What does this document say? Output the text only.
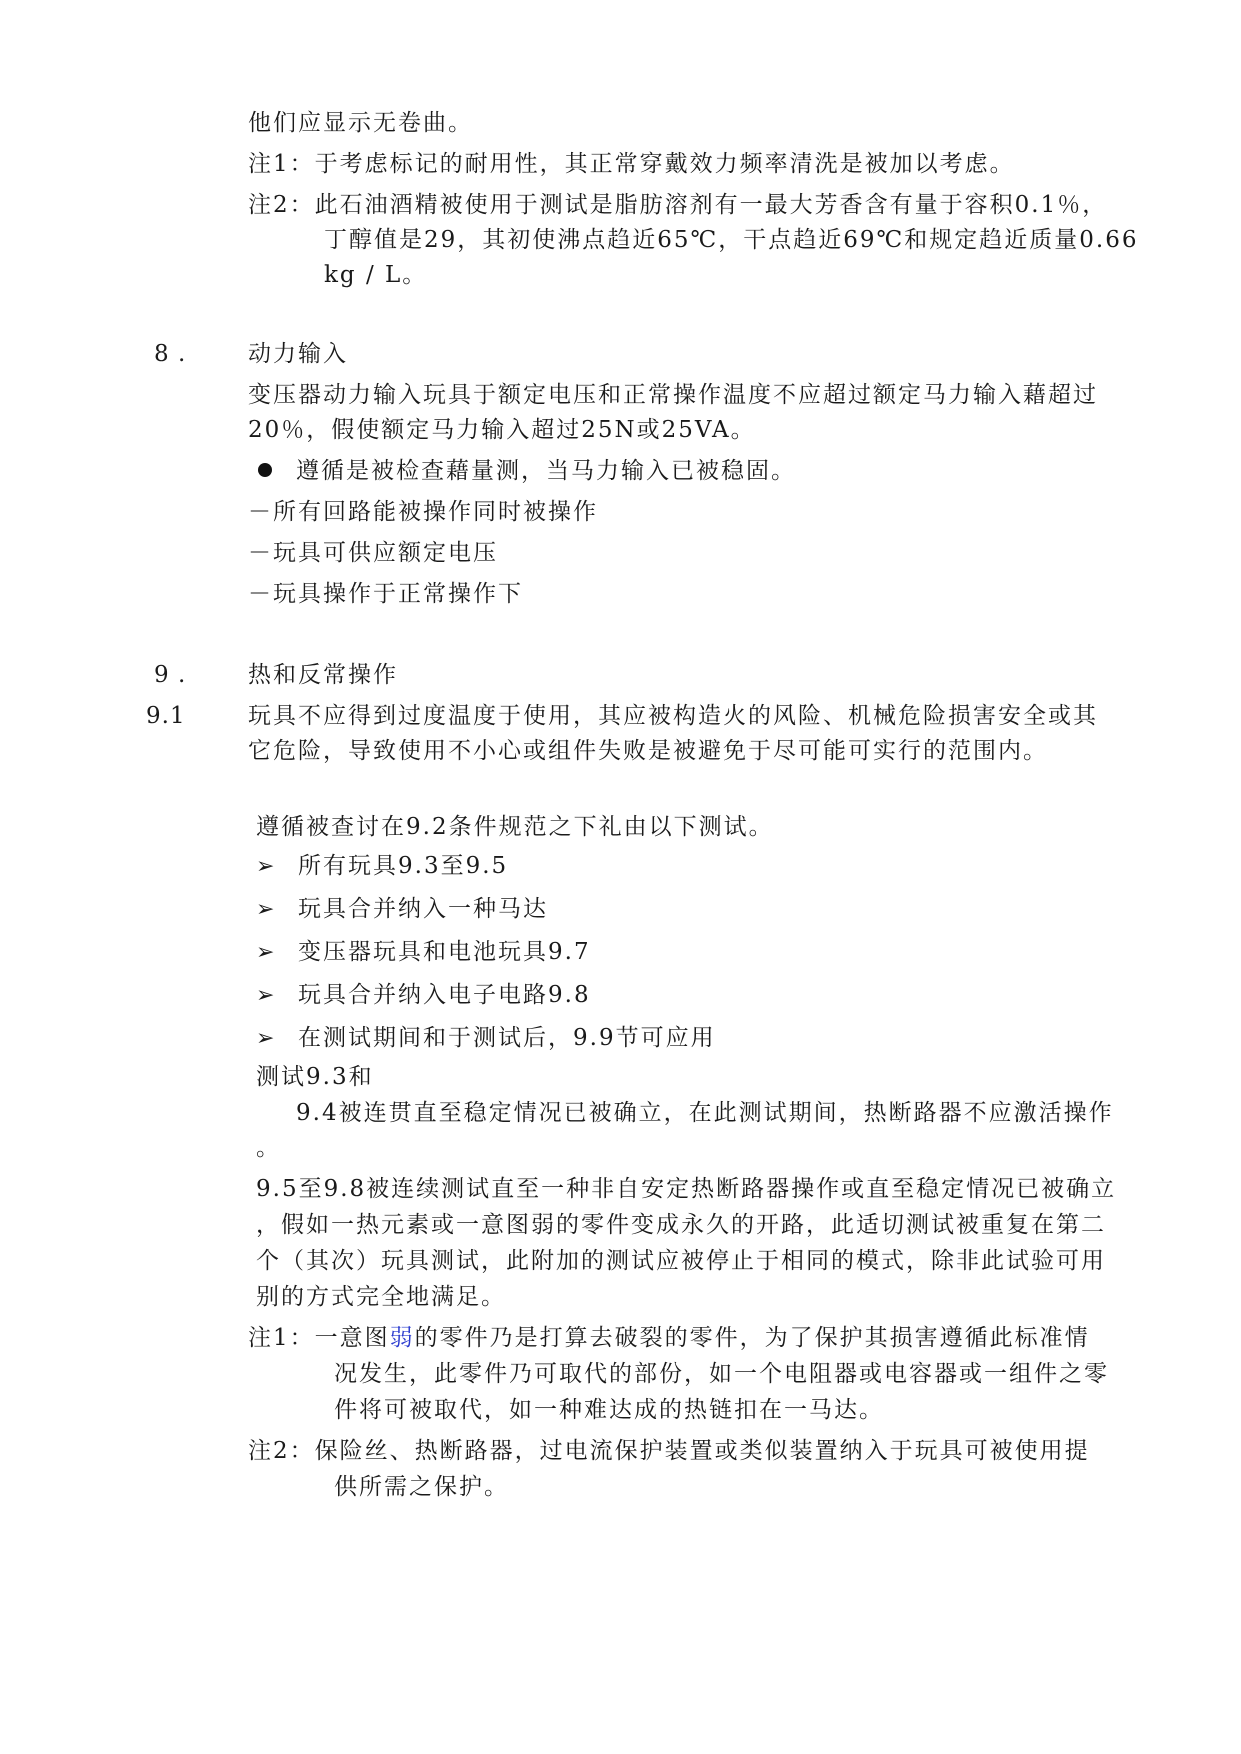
他们应显示无卷曲。
注1：于考虑标记的耐用性，其正常穿戴效力频率清洗是被加以考虑。
注2：此石油酒精被使用于测试是脂肪溶剂有一最大芳香含有量于容积0.1％，
丁醇值是29，其初使沸点趋近65℃，干点趋近69℃和规定趋近质量0.66
kg / L。
8 .	动力输入
变压器动力输入玩具于额定电压和正常操作温度不应超过额定马力输入藉超过
20％，假使额定马力输入超过25N或25VA。
遵循是被检查藉量测，当马力输入已被稳固。
－所有回路能被操作同时被操作
－玩具可供应额定电压
－玩具操作于正常操作下
9 .	热和反常操作
9.1	玩具不应得到过度温度于使用，其应被构造火的风险、机械危险损害安全或其
它危险，导致使用不小心或组件失败是被避免于尽可能可实行的范围内。
遵循被查讨在9.2条件规范之下礼由以下测试。
➢ 所有玩具9.3至9.5
➢ 玩具合并纳入一种马达
➢ 变压器玩具和电池玩具9.7
➢ 玩具合并纳入电子电路9.8
➢ 在测试期间和于测试后，9.9节可应用
测试9.3和
9.4被连贯直至稳定情况已被确立，在此测试期间，热断路器不应激活操作
。
9.5至9.8被连续测试直至一种非自安定热断路器操作或直至稳定情况已被确立
，假如一热元素或一意图弱的零件变成永久的开路，此适切测试被重复在第二
个（其次）玩具测试，此附加的测试应被停止于相同的模式，除非此试验可用
别的方式完全地满足。
注1：一意图弱的零件乃是打算去破裂的零件，为了保护其损害遵循此标准情
况发生，此零件乃可取代的部份，如一个电阻器或电容器或一组件之零
件将可被取代，如一种难达成的热链扣在一马达。
注2：保险丝、热断路器，过电流保护装置或类似装置纳入于玩具可被使用提
供所需之保护。
